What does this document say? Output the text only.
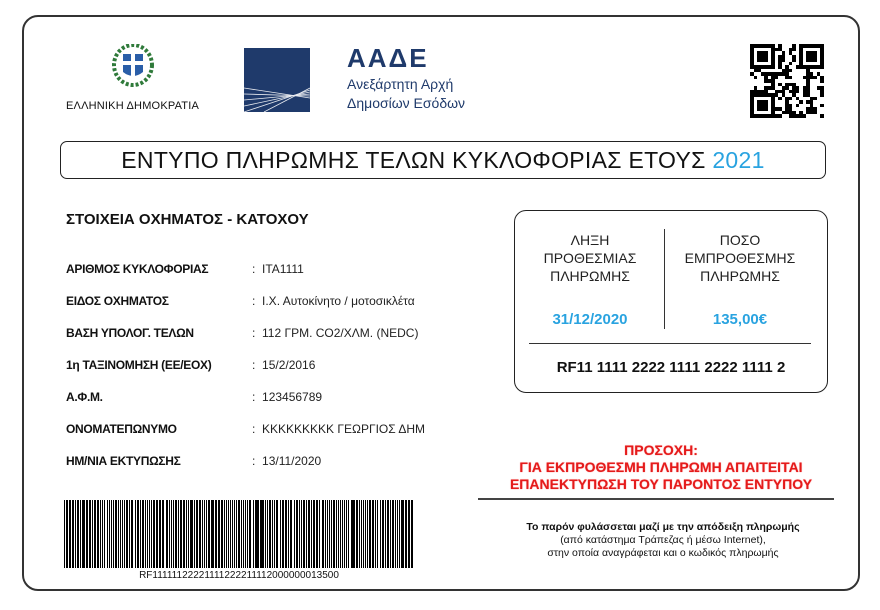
ΕΛΛΗΝΙΚΗ ΔΗΜΟΚΡΑΤΙΑ
ΑΑΔΕ
Ανεξάρτητη Αρχή
Δημοσίων Εσόδων
ΕΝΤΥΠΟ ΠΛΗΡΩΜΗΣ ΤΕΛΩΝ ΚΥΚΛΟΦΟΡΙΑΣ ΕΤΟΥΣ 2021
ΣΤΟΙΧΕΙΑ ΟΧΗΜΑΤΟΣ - ΚΑΤΟΧΟΥ
ΑΡΙΘΜΟΣ ΚΥΚΛΟΦΟΡΙΑΣ	:  ΙΤΑ1111
ΕΙΔΟΣ ΟΧΗΜΑΤΟΣ	:  Ι.Χ. Αυτοκίνητο / μοτοσικλέτα
ΒΑΣΗ ΥΠΟΛΟΓ. ΤΕΛΩΝ	:  112 ΓΡΜ. CO2/ΧΛΜ. (NEDC)
1η ΤΑΞΙΝΟΜΗΣΗ (ΕΕ/ΕΟΧ)	:  15/2/2016
Α.Φ.Μ.	:  123456789
ΟΝΟΜΑΤΕΠΩΝΥΜΟ	:  ΚΚΚΚΚΚΚΚΚ ΓΕΩΡΓΙΟΣ ΔΗΜ
ΗΜ/ΝΙΑ ΕΚΤΥΠΩΣΗΣ	:  13/11/2020
ΛΗΞΗ
ΠΡΟΘΕΣΜΙΑΣ
ΠΛΗΡΩΜΗΣ
ΠΟΣΟ
ΕΜΠΡΟΘΕΣΜΗΣ
ΠΛΗΡΩΜΗΣ
31/12/2020	135,00€
RF11 1111 2222 1111 2222 1111 2
ΠΡΟΣΟΧΗ:
ΓΙΑ ΕΚΠΡΟΘΕΣΜΗ ΠΛΗΡΩΜΗ ΑΠΑΙΤΕΙΤΑΙ
ΕΠΑΝΕΚΤΥΠΩΣΗ ΤΟΥ ΠΑΡΟΝΤΟΣ ΕΝΤΥΠΟΥ
Το παρόν φυλάσσεται μαζί με την απόδειξη πληρωμής
(από κατάστημα Τράπεζας ή μέσω Internet),
στην οποία αναγράφεται και ο κωδικός πληρωμής
RF11111122221111222211112000000013500
